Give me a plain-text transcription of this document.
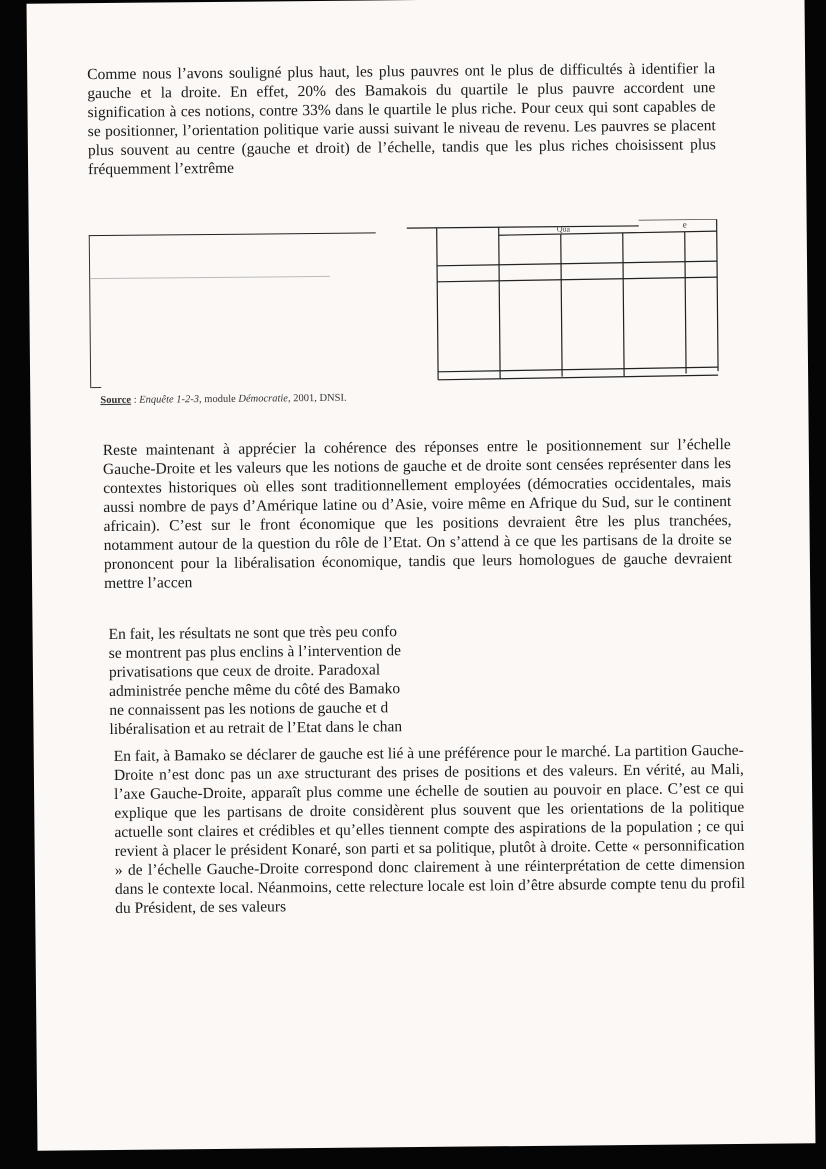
Comme nous l’avons souligné plus haut, les plus pauvres ont le plus de difficultés à identifier la gauche et la droite. En effet, 20% des Bamakois du quartile le plus pauvre accordent une signification à ces notions, contre 33% dans le quartile le plus riche. Pour ceux qui sont capables de se positionner, l’orientation politique varie aussi suivant le niveau de revenu. Les pauvres se placent plus souvent au centre (gauche et droit) de l’échelle, tandis que les plus riches choisissent plus fréquemment l’extrême

Qua	e
Source : Enquête 1-2-3, module Démocratie, 2001, DNSI.

Reste maintenant à apprécier la cohérence des réponses entre le positionnement sur l’échelle Gauche-Droite et les valeurs que les notions de gauche et de droite sont censées représenter dans les contextes historiques où elles sont traditionnellement employées (démocraties occidentales, mais aussi nombre de pays d’Amérique latine ou d’Asie, voire même en Afrique du Sud, sur le continent africain). C’est sur le front économique que les positions devraient être les plus tranchées, notamment autour de la question du rôle de l’Etat. On s’attend à ce que les partisans de la droite se prononcent pour la libéralisation économique, tandis que leurs homologues de gauche devraient mettre l’accen

En fait, les résultats ne sont que très peu confo
se montrent pas plus enclins à l’intervention de
privatisations que ceux de droite. Paradoxal
administrée penche même du côté des Bamako
ne connaissent pas les notions de gauche et d
libéralisation et au retrait de l’Etat dans le chan

En fait, à Bamako se déclarer de gauche est lié à une préférence pour le marché. La partition Gauche-Droite n’est donc pas un axe structurant des prises de positions et des valeurs. En vérité, au Mali, l’axe Gauche-Droite, apparaît plus comme une échelle de soutien au pouvoir en place. C’est ce qui explique que les partisans de droite considèrent plus souvent que les orientations de la politique actuelle sont claires et crédibles et qu’elles tiennent compte des aspirations de la population ; ce qui revient à placer le président Konaré, son parti et sa politique, plutôt à droite. Cette « personnification » de l’échelle Gauche-Droite correspond donc clairement à une réinterprétation de cette dimension dans le contexte local. Néanmoins, cette relecture locale est loin d’être absurde compte tenu du profil du Président, de ses valeurs
